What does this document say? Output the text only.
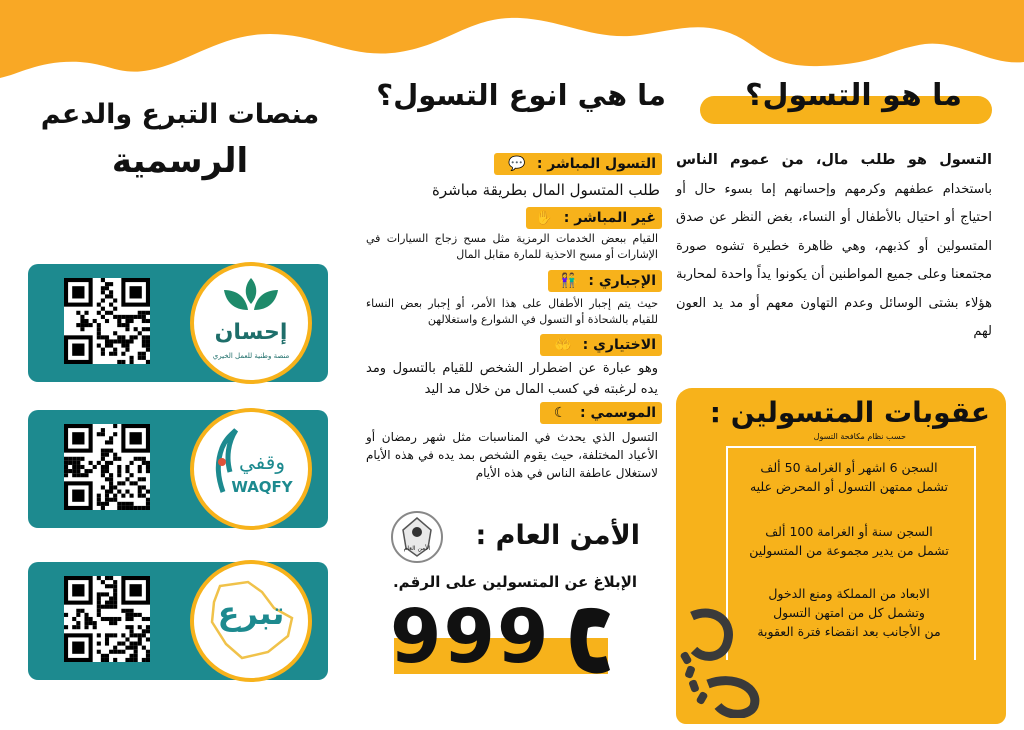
ما هو التسول؟
التسول هو طلب مال، من عموم الناس باستخدام عطفهم وكرمهم وإحسانهم إما بسوء حال أو احتياج أو احتيال بالأطفال أو النساء، بغض النظر عن صدق المتسولين أو كذبهم، وهي ظاهرة خطيرة تشوه صورة مجتمعنا وعلى جميع المواطنين أن يكونوا يداً واحدة لمحاربة هؤلاء بشتى الوسائل وعدم التهاون معهم أو مد يد العون لهم
عقوبات المتسولين :
حسب نظام مكافحة التسول
السجن 6 اشهر أو الغرامة 50 ألف
تشمل ممتهن التسول أو المحرض عليه
السجن سنة أو الغرامة 100 ألف
تشمل من يدير مجموعة من المتسولين
الابعاد من المملكة ومنع الدخول
وتشمل كل من امتهن التسول
من الأجانب بعد انقضاء فترة العقوبة
ما هي انوع التسول؟
التسول المباشر : 💬
طلب المتسول المال بطريقة مباشرة
غير المباشر : ✋
القيام ببعض الخدمات الرمزية مثل مسح زجاج السيارات في الإشارات أو مسح الاحذية للمارة مقابل المال
الإجباري : 👫
حيث يتم إجبار الأطفال على هذا الأمر، أو إجبار بعض النساء للقيام بالشحاذة أو التسول في الشوارع واستغلالهن
الاختياري : 🤲
وهو عبارة عن اضطرار الشخص للقيام بالتسول ومد يده لرغبته في كسب المال من خلال مد اليد
الموسمي : ☾
التسول الذي يحدث في المناسبات مثل شهر رمضان أو الأعياد المختلفة، حيث يقوم الشخص بمد يده في هذه الأيام لاستغلال عاطفة الناس في هذه الأيام
الأمن العام	الأمن العام :
الإبلاغ عن المتسولين على الرقم.
999
منصات التبرع والدعم
الرسمية
إحسان
منصة وطنية للعمل الخيري
وقفي
WAQFY
تبرع
